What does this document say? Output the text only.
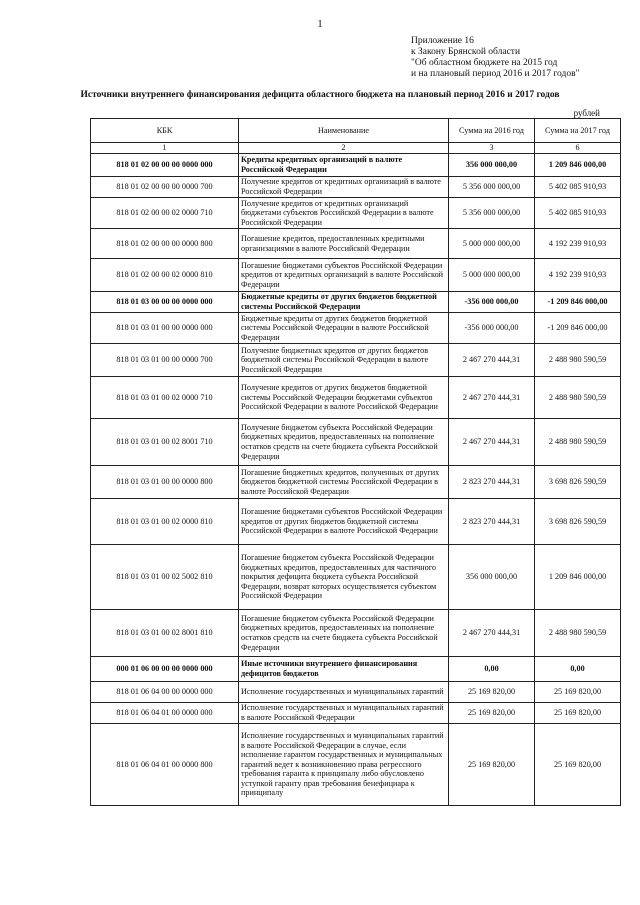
1
Приложение 16
к Закону Брянской области
"Об областном бюджете на 2015 год
и на плановый период 2016 и 2017 годов"
Источники внутреннего финансирования дефицита областного бюджета на плановый период 2016 и 2017 годов
рублей
КБК	Наименование	Сумма на 2016 год	Сумма на 2017 год
1	2	3	6
818 01 02 00 00 00 0000 000	Кредиты кредитных организаций в валюте Российской Федерации	356 000 000,00	1 209 846 000,00
818 01 02 00 00 00 0000 700	Получение кредитов от кредитных организаций в валюте Российской Федерации	5 356 000 000,00	5 402 085 910,93
818 01 02 00 00 02 0000 710	Получение кредитов от кредитных организаций бюджетами субъектов Российской Федерации в валюте Российской Федерации	5 356 000 000,00	5 402 085 910,93
818 01 02 00 00 00 0000 800	Погашение кредитов, предоставленных кредитными организациями в валюте Российской Федерации	5 000 000 000,00	4 192 239 910,93
818 01 02 00 00 02 0000 810	Погашение бюджетами субъектов Российской Федерации кредитов от кредитных организаций в валюте Российской Федерации	5 000 000 000,00	4 192 239 910,93
818 01 03 00 00 00 0000 000	Бюджетные кредиты от других бюджетов бюджетной системы Российской Федерации	-356 000 000,00	-1 209 846 000,00
818 01 03 01 00 00 0000 000	Бюджетные кредиты от других бюджетов бюджетной системы Российской Федерации в валюте Российской Федерации	-356 000 000,00	-1 209 846 000,00
818 01 03 01 00 00 0000 700	Получение бюджетных кредитов от других бюджетов бюджетной системы Российской Федерации в валюте Российской Федерации	2 467 270 444,31	2 488 980 590,59
818 01 03 01 00 02 0000 710	Получение кредитов от других бюджетов бюджетной системы Российской Федерации бюджетами субъектов Российской Федерации в валюте Российской Федерации	2 467 270 444,31	2 488 980 590,59
818 01 03 01 00 02 8001 710	Получение бюджетом субъекта Российской Федерации бюджетных кредитов, предоставленных на пополнение остатков средств на счете бюджета субъекта Российской Федерации	2 467 270 444,31	2 488 980 590,59
818 01 03 01 00 00 0000 800	Погашение бюджетных кредитов, полученных от других бюджетов бюджетной системы Российской Федерации в валюте Российской Федерации	2 823 270 444,31	3 698 826 590,59
818 01 03 01 00 02 0000 810	Погашение бюджетами субъектов Российской Федерации кредитов от других бюджетов бюджетной системы Российской Федерации в валюте Российской Федерации	2 823 270 444,31	3 698 826 590,59
818 01 03 01 00 02 5002 810	Погашение бюджетом субъекта Российской Федерации бюджетных кредитов, предоставленных для частичного покрытия дефицита бюджета субъекта Российской Федерации, возврат которых осуществляется субъектом Российской Федерации	356 000 000,00	1 209 846 000,00
818 01 03 01 00 02 8001 810	Погашение бюджетом субъекта Российской Федерации бюджетных кредитов, предоставленных на пополнение остатков средств на счете бюджета субъекта Российской Федерации	2 467 270 444,31	2 488 980 590,59
000 01 06 00 00 00 0000 000	Иные источники внутреннего финансирования дефицитов бюджетов	0,00	0,00
818 01 06 04 00 00 0000 000	Исполнение государственных и муниципальных гарантий	25 169 820,00	25 169 820,00
818 01 06 04 01 00 0000 000	Исполнение государственных и муниципальных гарантий в валюте Российской Федерации	25 169 820,00	25 169 820,00
818 01 06 04 01 00 0000 800	Исполнение государственных и муниципальных гарантий в валюте Российской Федерации в случае, если исполнение гарантом государственных и муниципальных гарантий ведет к возникновению права регрессного требования гаранта к принципалу либо обусловлено уступкой гаранту прав требования бенефициара к принципалу	25 169 820,00	25 169 820,00
